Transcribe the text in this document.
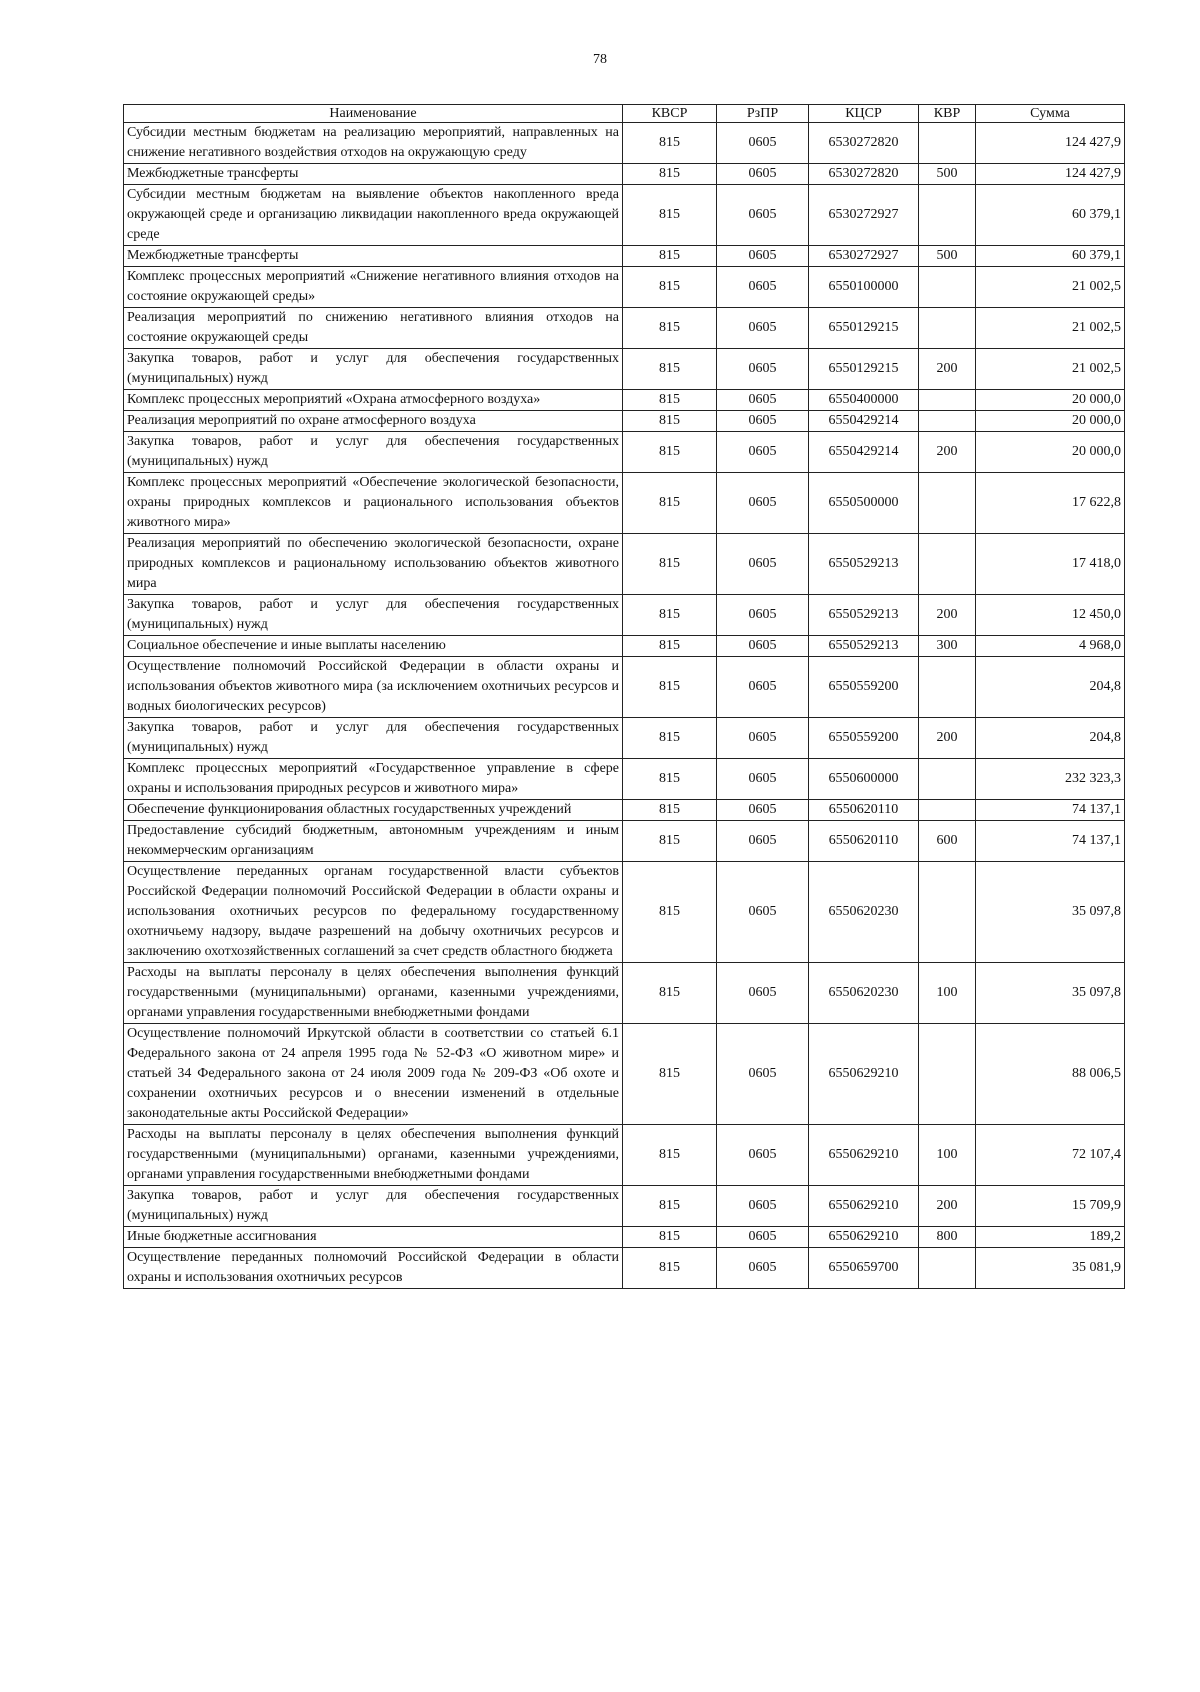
78
Наименование	КВСР	РзПР	КЦСР	КВР	Сумма
Субсидии местным бюджетам на реализацию мероприятий, направленных на снижение негативного воздействия отходов на окружающую среду	815	0605	6530272820		124 427,9
Межбюджетные трансферты	815	0605	6530272820	500	124 427,9
Субсидии местным бюджетам на выявление объектов накопленного вреда окружающей среде и организацию ликвидации накопленного вреда окружающей среде	815	0605	6530272927		60 379,1
Межбюджетные трансферты	815	0605	6530272927	500	60 379,1
Комплекс процессных мероприятий «Снижение негативного влияния отходов на состояние окружающей среды»	815	0605	6550100000		21 002,5
Реализация мероприятий по снижению негативного влияния отходов на состояние окружающей среды	815	0605	6550129215		21 002,5
Закупка товаров, работ и услуг для обеспечения государственных (муниципальных) нужд	815	0605	6550129215	200	21 002,5
Комплекс процессных мероприятий «Охрана атмосферного воздуха»	815	0605	6550400000		20 000,0
Реализация мероприятий по охране атмосферного воздуха	815	0605	6550429214		20 000,0
Закупка товаров, работ и услуг для обеспечения государственных (муниципальных) нужд	815	0605	6550429214	200	20 000,0
Комплекс процессных мероприятий «Обеспечение экологической безопасности, охраны природных комплексов и рационального использования объектов животного мира»	815	0605	6550500000		17 622,8
Реализация мероприятий по обеспечению экологической безопасности, охране природных комплексов и рациональному использованию объектов животного мира	815	0605	6550529213		17 418,0
Закупка товаров, работ и услуг для обеспечения государственных (муниципальных) нужд	815	0605	6550529213	200	12 450,0
Социальное обеспечение и иные выплаты населению	815	0605	6550529213	300	4 968,0
Осуществление полномочий Российской Федерации в области охраны и использования объектов животного мира (за исключением охотничьих ресурсов и водных биологических ресурсов)	815	0605	6550559200		204,8
Закупка товаров, работ и услуг для обеспечения государственных (муниципальных) нужд	815	0605	6550559200	200	204,8
Комплекс процессных мероприятий «Государственное управление в сфере охраны и использования природных ресурсов и животного мира»	815	0605	6550600000		232 323,3
Обеспечение функционирования областных государственных учреждений	815	0605	6550620110		74 137,1
Предоставление субсидий бюджетным, автономным учреждениям и иным некоммерческим организациям	815	0605	6550620110	600	74 137,1
Осуществление переданных органам государственной власти субъектов Российской Федерации полномочий Российской Федерации в области охраны и использования охотничьих ресурсов по федеральному государственному охотничьему надзору, выдаче разрешений на добычу охотничьих ресурсов и заключению охотхозяйственных соглашений за счет средств областного бюджета	815	0605	6550620230		35 097,8
Расходы на выплаты персоналу в целях обеспечения выполнения функций государственными (муниципальными) органами, казенными учреждениями, органами управления государственными внебюджетными фондами	815	0605	6550620230	100	35 097,8
Осуществление полномочий Иркутской области в соответствии со статьей 6.1 Федерального закона от 24 апреля 1995 года № 52-ФЗ «О животном мире» и статьей 34 Федерального закона от 24 июля 2009 года № 209-ФЗ «Об охоте и сохранении охотничьих ресурсов и о внесении изменений в отдельные законодательные акты Российской Федерации»	815	0605	6550629210		88 006,5
Расходы на выплаты персоналу в целях обеспечения выполнения функций государственными (муниципальными) органами, казенными учреждениями, органами управления государственными внебюджетными фондами	815	0605	6550629210	100	72 107,4
Закупка товаров, работ и услуг для обеспечения государственных (муниципальных) нужд	815	0605	6550629210	200	15 709,9
Иные бюджетные ассигнования	815	0605	6550629210	800	189,2
Осуществление переданных полномочий Российской Федерации в области охраны и использования охотничьих ресурсов	815	0605	6550659700		35 081,9
